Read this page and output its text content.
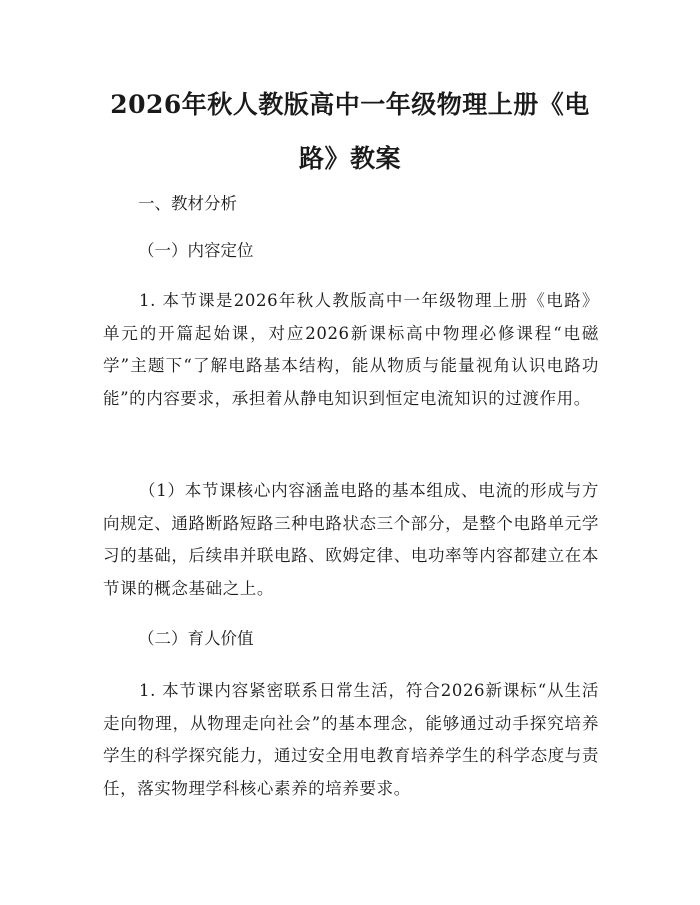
2026年秋人教版高中一年级物理上册《电路》教案

一、教材分析

（一）内容定位

1. 本节课是2026年秋人教版高中一年级物理上册《电路》单元的开篇起始课，对应2026新课标高中物理必修课程“电磁学”主题下“了解电路基本结构，能从物质与能量视角认识电路功能”的内容要求，承担着从静电知识到恒定电流知识的过渡作用。

（1）本节课核心内容涵盖电路的基本组成、电流的形成与方向规定、通路断路短路三种电路状态三个部分，是整个电路单元学习的基础，后续串并联电路、欧姆定律、电功率等内容都建立在本节课的概念基础之上。

（二）育人价值

1. 本节课内容紧密联系日常生活，符合2026新课标“从生活走向物理，从物理走向社会”的基本理念，能够通过动手探究培养学生的科学探究能力，通过安全用电教育培养学生的科学态度与责任，落实物理学科核心素养的培养要求。
